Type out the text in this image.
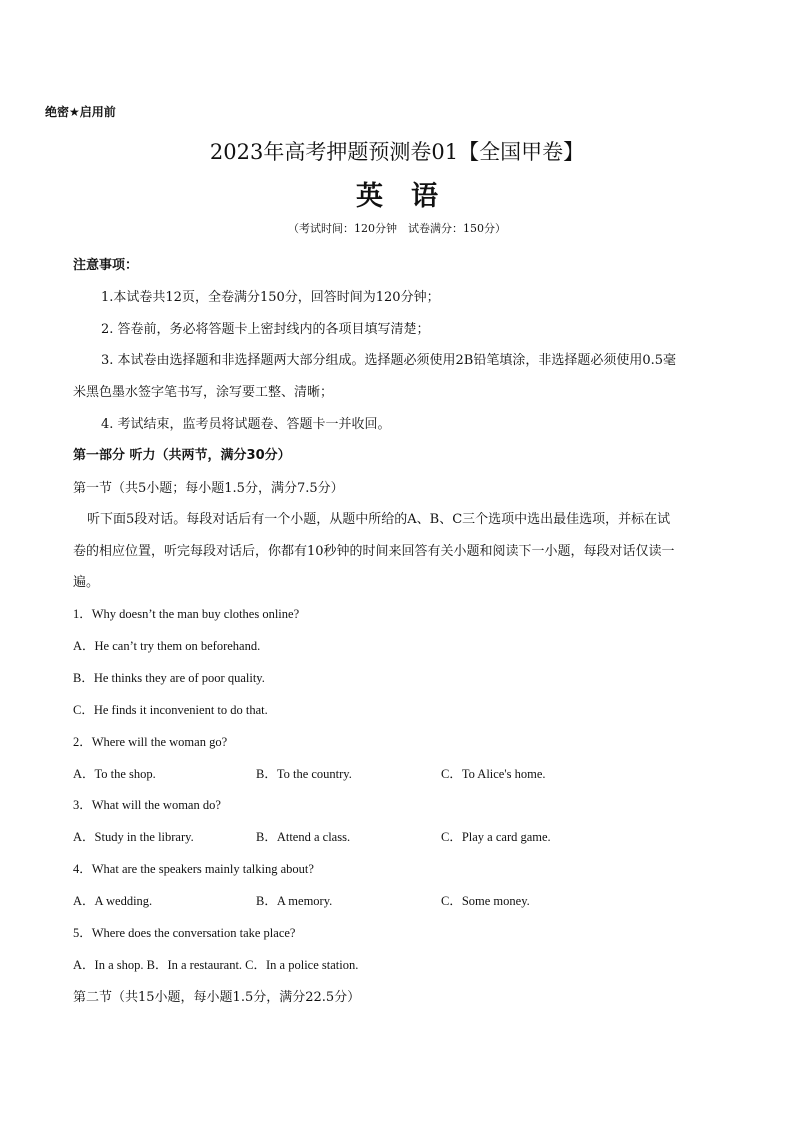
绝密★启用前
2023年高考押题预测卷01【全国甲卷】
英语
（考试时间：120分钟　试卷满分：150分）
注意事项：
1.本试卷共12页，全卷满分150分，回答时间为120分钟；
2. 答卷前，务必将答题卡上密封线内的各项目填写清楚；
3. 本试卷由选择题和非选择题两大部分组成。选择题必须使用2B铅笔填涂，非选择题必须使用0.5毫
米黑色墨水签字笔书写，涂写要工整、清晰；
4. 考试结束，监考员将试题卷、答题卡一并收回。
第一部分 听力（共两节，满分30分）
第一节（共5小题；每小题1.5分，满分7.5分）
听下面5段对话。每段对话后有一个小题，从题中所给的A、B、C三个选项中选出最佳选项，并标在试
卷的相应位置，听完每段对话后，你都有10秒钟的时间来回答有关小题和阅读下一小题，每段对话仅读一
遍。
1．Why doesn’t the man buy clothes online?
A．He can’t try them on beforehand.
B．He thinks they are of poor quality.
C．He finds it inconvenient to do that.
2．Where will the woman go?
A．To the shop.	B．To the country.	C．To Alice's home.
3．What will the woman do?
A．Study in the library.	B．Attend a class.	C．Play a card game.
4．What are the speakers mainly talking about?
A．A wedding.	B．A memory.	C．Some money.
5．Where does the conversation take place?
A．In a shop. B．In a restaurant. C．In a police station.
第二节（共15小题，每小题1.5分，满分22.5分）
